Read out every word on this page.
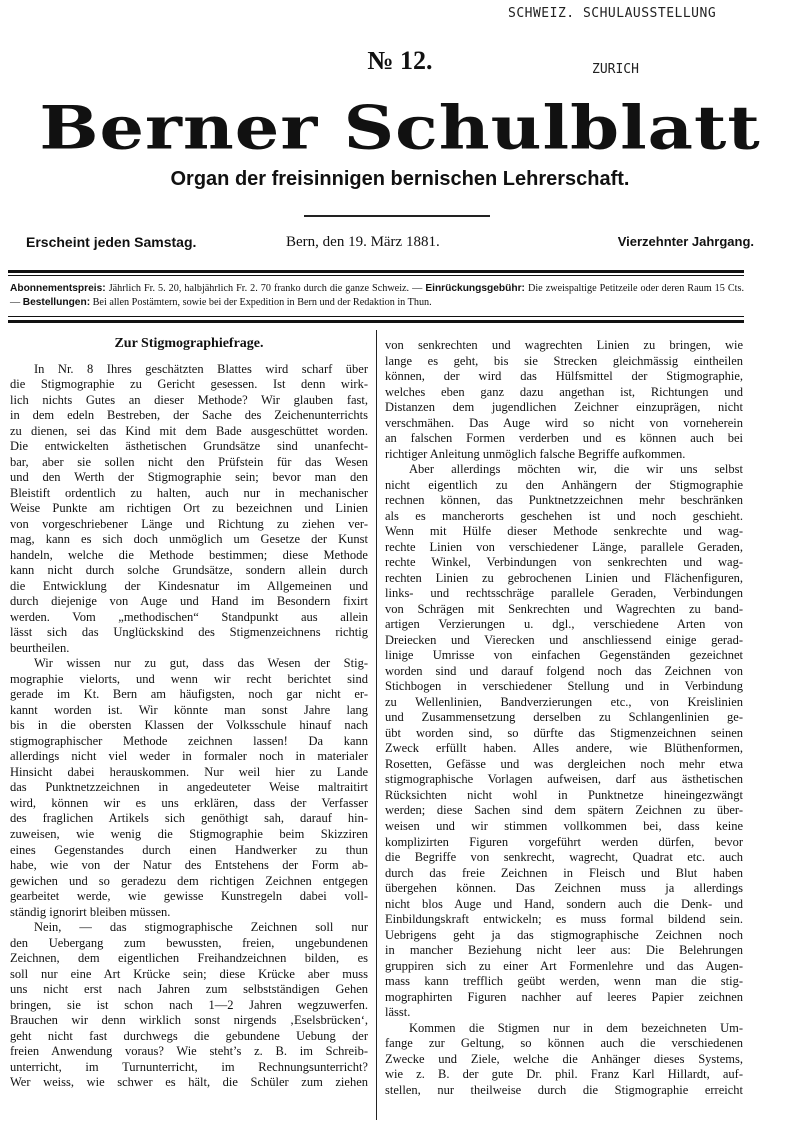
SCHWEIZ. SCHULAUSSTELLUNG
ZURICH
№ 12.
Berner Schulblatt
Organ der freisinnigen bernischen Lehrerschaft.
Erscheint jeden Samstag.	Bern, den 19. März 1881.	Vierzehnter Jahrgang.
Abonnementspreis: Jährlich Fr. 5. 20, halbjährlich Fr. 2. 70 franko durch die ganze Schweiz. — Einrückungsgebühr: Die zweispaltige Petitzeile oder deren Raum 15 Cts. — Bestellungen: Bei allen Postämtern, sowie bei der Expedition in Bern und der Redaktion in Thun.
Zur Stigmographiefrage.
In Nr. 8 Ihres geschätzten Blattes wird scharf über
die Stigmographie zu Gericht gesessen. Ist denn wirk-
lich nichts Gutes an dieser Methode? Wir glauben fast,
in dem edeln Bestreben, der Sache des Zeichenunterrichts
zu dienen, sei das Kind mit dem Bade ausgeschüttet worden.
Die entwickelten ästhetischen Grundsätze sind unanfecht-
bar, aber sie sollen nicht den Prüfstein für das Wesen
und den Werth der Stigmographie sein; bevor man den
Bleistift ordentlich zu halten, auch nur in mechanischer
Weise Punkte am richtigen Ort zu bezeichnen und Linien
von vorgeschriebener Länge und Richtung zu ziehen ver-
mag, kann es sich doch unmöglich um Gesetze der Kunst
handeln, welche die Methode bestimmen; diese Methode
kann nicht durch solche Grundsätze, sondern allein durch
die Entwicklung der Kindesnatur im Allgemeinen und
durch diejenige von Auge und Hand im Besondern fixirt
werden. Vom „methodischen“ Standpunkt aus allein
lässt sich das Unglückskind des Stigmenzeichnens richtig
beurtheilen.
Wir wissen nur zu gut, dass das Wesen der Stig-
mographie vielorts, und wenn wir recht berichtet sind
gerade im Kt. Bern am häufigsten, noch gar nicht er-
kannt worden ist. Wir könnte man sonst Jahre lang
bis in die obersten Klassen der Volksschule hinauf nach
stigmographischer Methode zeichnen lassen! Da kann
allerdings nicht viel weder in formaler noch in materialer
Hinsicht dabei herauskommen. Nur weil hier zu Lande
das Punktnetzzeichnen in angedeuteter Weise maltraitirt
wird, können wir es uns erklären, dass der Verfasser
des fraglichen Artikels sich genöthigt sah, darauf hin-
zuweisen, wie wenig die Stigmographie beim Skizziren
eines Gegenstandes durch einen Handwerker zu thun
habe, wie von der Natur des Entstehens der Form ab-
gewichen und so geradezu dem richtigen Zeichnen entgegen
gearbeitet werde, wie gewisse Kunstregeln dabei voll-
ständig ignorirt bleiben müssen.
Nein, — das stigmographische Zeichnen soll nur
den Uebergang zum bewussten, freien, ungebundenen
Zeichnen, dem eigentlichen Freihandzeichnen bilden, es
soll nur eine Art Krücke sein; diese Krücke aber muss
uns nicht erst nach Jahren zum selbstständigen Gehen
bringen, sie ist schon nach 1—2 Jahren wegzuwerfen.
Brauchen wir denn wirklich sonst nirgends ‚Eselsbrücken‘,
geht nicht fast durchwegs die gebundene Uebung der
freien Anwendung voraus? Wie steht’s z. B. im Schreib-
unterricht, im Turnunterricht, im Rechnungsunterricht?
Wer weiss, wie schwer es hält, die Schüler zum ziehen
von senkrechten und wagrechten Linien zu bringen, wie
lange es geht, bis sie Strecken gleichmässig eintheilen
können, der wird das Hülfsmittel der Stigmographie,
welches eben ganz dazu angethan ist, Richtungen und
Distanzen dem jugendlichen Zeichner einzuprägen, nicht
verschmähen. Das Auge wird so nicht von vorneherein
an falschen Formen verderben und es können auch bei
richtiger Anleitung unmöglich falsche Begriffe aufkommen.
Aber allerdings möchten wir, die wir uns selbst
nicht eigentlich zu den Anhängern der Stigmographie
rechnen können, das Punktnetzzeichnen mehr beschränken
als es mancherorts geschehen ist und noch geschieht.
Wenn mit Hülfe dieser Methode senkrechte und wag-
rechte Linien von verschiedener Länge, parallele Geraden,
rechte Winkel, Verbindungen von senkrechten und wag-
rechten Linien zu gebrochenen Linien und Flächenfiguren,
links- und rechtsschräge parallele Geraden, Verbindungen
von Schrägen mit Senkrechten und Wagrechten zu band-
artigen Verzierungen u. dgl., verschiedene Arten von
Dreiecken und Vierecken und anschliessend einige gerad-
linige Umrisse von einfachen Gegenständen gezeichnet
worden sind und darauf folgend noch das Zeichnen von
Stichbogen in verschiedener Stellung und in Verbindung
zu Wellenlinien, Bandverzierungen etc., von Kreislinien
und Zusammensetzung derselben zu Schlangenlinien ge-
übt worden sind, so dürfte das Stigmenzeichnen seinen
Zweck erfüllt haben. Alles andere, wie Blüthenformen,
Rosetten, Gefässe und was dergleichen noch mehr etwa
stigmographische Vorlagen aufweisen, darf aus ästhetischen
Rücksichten nicht wohl in Punktnetze hineingezwängt
werden; diese Sachen sind dem spätern Zeichnen zu über-
weisen und wir stimmen vollkommen bei, dass keine
komplizirten Figuren vorgeführt werden dürfen, bevor
die Begriffe von senkrecht, wagrecht, Quadrat etc. auch
durch das freie Zeichnen in Fleisch und Blut haben
übergehen können. Das Zeichnen muss ja allerdings
nicht blos Auge und Hand, sondern auch die Denk- und
Einbildungskraft entwickeln; es muss formal bildend sein.
Uebrigens geht ja das stigmographische Zeichnen noch
in mancher Beziehung nicht leer aus: Die Belehrungen
gruppiren sich zu einer Art Formenlehre und das Augen-
mass kann trefflich geübt werden, wenn man die stig-
mographirten Figuren nachher auf leeres Papier zeichnen
lässt.
Kommen die Stigmen nur in dem bezeichneten Um-
fange zur Geltung, so können auch die verschiedenen
Zwecke und Ziele, welche die Anhänger dieses Systems,
wie z. B. der gute Dr. phil. Franz Karl Hillardt, auf-
stellen, nur theilweise durch die Stigmographie erreicht
